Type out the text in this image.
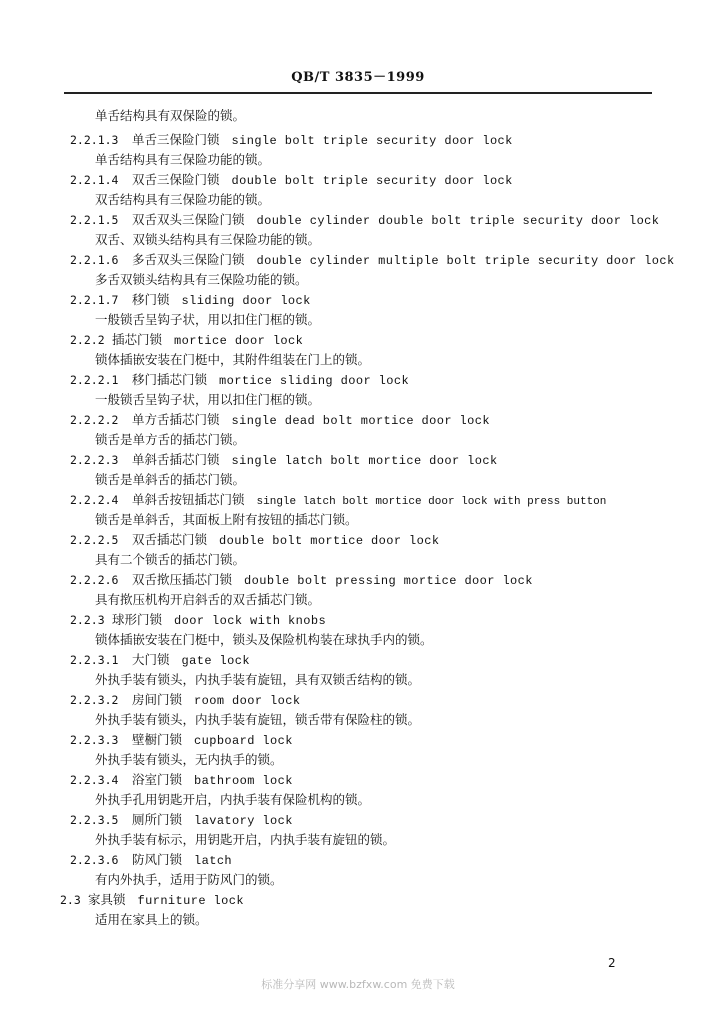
QB/T 3835－1999
单舌结构具有双保险的锁。
2.2.1.3 单舌三保险门锁 single bolt triple security door lock
单舌结构具有三保险功能的锁。
2.2.1.4 双舌三保险门锁 double bolt triple security door lock
双舌结构具有三保险功能的锁。
2.2.1.5 双舌双头三保险门锁 double cylinder double bolt triple security door lock
双舌、双锁头结构具有三保险功能的锁。
2.2.1.6 多舌双头三保险门锁 double cylinder multiple bolt triple security door lock
多舌双锁头结构具有三保险功能的锁。
2.2.1.7 移门锁 sliding door lock
一般锁舌呈钩子状，用以扣住门框的锁。
2.2.2 插芯门锁 mortice door lock
锁体插嵌安装在门梃中，其附件组装在门上的锁。
2.2.2.1 移门插芯门锁 mortice sliding door lock
一般锁舌呈钩子状，用以扣住门框的锁。
2.2.2.2 单方舌插芯门锁 single dead bolt mortice door lock
锁舌是单方舌的插芯门锁。
2.2.2.3 单斜舌插芯门锁 single latch bolt mortice door lock
锁舌是单斜舌的插芯门锁。
2.2.2.4 单斜舌按钮插芯门锁 single latch bolt mortice door lock with press button
锁舌是单斜舌，其面板上附有按钮的插芯门锁。
2.2.2.5 双舌插芯门锁 double bolt mortice door lock
具有二个锁舌的插芯门锁。
2.2.2.6 双舌揿压插芯门锁 double bolt pressing mortice door lock
具有揿压机构开启斜舌的双舌插芯门锁。
2.2.3 球形门锁 door lock with knobs
锁体插嵌安装在门梃中，锁头及保险机构装在球执手内的锁。
2.2.3.1 大门锁 gate lock
外执手装有锁头，内执手装有旋钮，具有双锁舌结构的锁。
2.2.3.2 房间门锁 room door lock
外执手装有锁头，内执手装有旋钮，锁舌带有保险柱的锁。
2.2.3.3 壁橱门锁 cupboard lock
外执手装有锁头，无内执手的锁。
2.2.3.4 浴室门锁 bathroom lock
外执手孔用钥匙开启，内执手装有保险机构的锁。
2.2.3.5 厕所门锁 lavatory lock
外执手装有标示，用钥匙开启，内执手装有旋钮的锁。
2.2.3.6 防风门锁 latch
有内外执手，适用于防风门的锁。
2.3 家具锁 furniture lock
适用在家具上的锁。
2
标准分享网 www.bzfxw.com 免费下载
